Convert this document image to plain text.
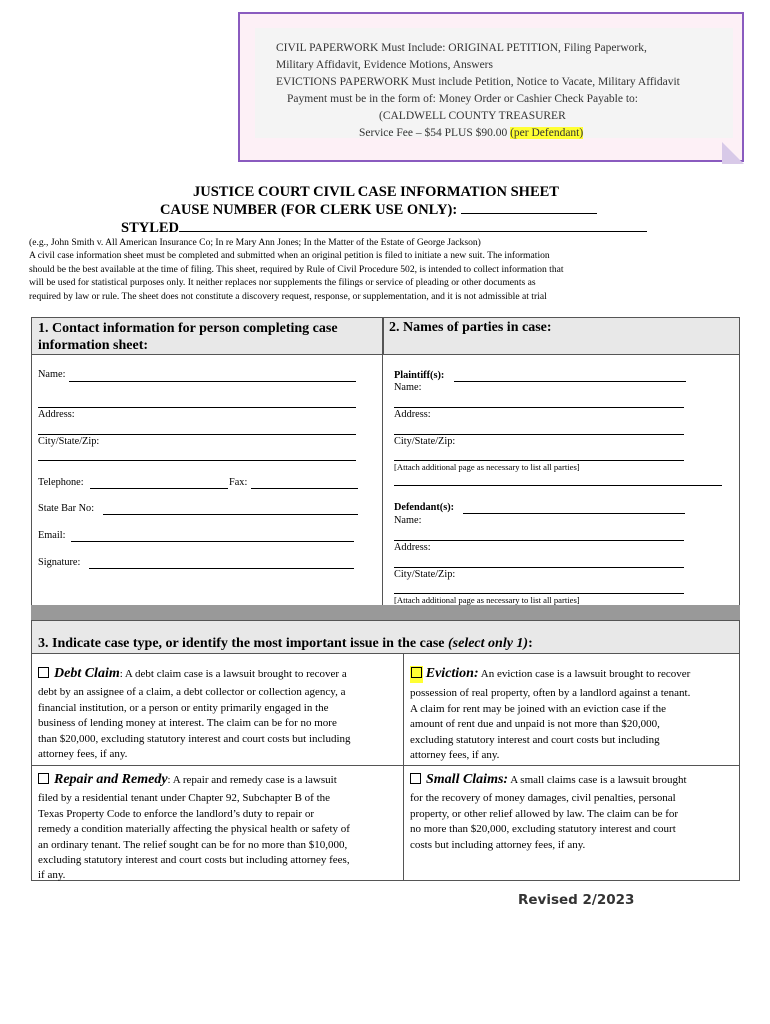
CIVIL PAPERWORK Must Include: ORIGINAL PETITION, Filing Paperwork,
Military Affidavit, Evidence Motions, Answers
EVICTIONS PAPERWORK Must include Petition, Notice to Vacate, Military Affidavit
Payment must be in the form of: Money Order or Cashier Check Payable to:
(CALDWELL COUNTY TREASURER
Service Fee – $54 PLUS $90.00 (per Defendant)
JUSTICE COURT CIVIL CASE INFORMATION SHEET
CAUSE NUMBER (FOR CLERK USE ONLY):
STYLED
(e.g., John Smith v. All American Insurance Co; In re Mary Ann Jones; In the Matter of the Estate of George Jackson)
A civil case information sheet must be completed and submitted when an original petition is filed to initiate a new suit. The information
should be the best available at the time of filing. This sheet, required by Rule of Civil Procedure 502, is intended to collect information that
will be used for statistical purposes only. It neither replaces nor supplements the filings or service of pleading or other documents as
required by law or rule. The sheet does not constitute a discovery request, response, or supplementation, and it is not admissible at trial
1. Contact information for person completing case
information sheet:
2. Names of parties in case:
Name:
Address:
City/State/Zip:
Telephone:	Fax:
State Bar No:
Email:
Signature:
Plaintiff(s):
Name:
Address:
City/State/Zip:
[Attach additional page as necessary to list all parties]
Defendant(s):
Name:
Address:
City/State/Zip:
[Attach additional page as necessary to list all parties]
3. Indicate case type, or identify the most important issue in the case (select only 1):
Debt Claim: A debt claim case is a lawsuit brought to recover a
debt by an assignee of a claim, a debt collector or collection agency, a
financial institution, or a person or entity primarily engaged in the
business of lending money at interest. The claim can be for no more
than $20,000, excluding statutory interest and court costs but including
attorney fees, if any.
Eviction: An eviction case is a lawsuit brought to recover
possession of real property, often by a landlord against a tenant.
A claim for rent may be joined with an eviction case if the
amount of rent due and unpaid is not more than $20,000,
excluding statutory interest and court costs but including
attorney fees, if any.
Repair and Remedy: A repair and remedy case is a lawsuit
filed by a residential tenant under Chapter 92, Subchapter B of the
Texas Property Code to enforce the landlord’s duty to repair or
remedy a condition materially affecting the physical health or safety of
an ordinary tenant. The relief sought can be for no more than $10,000,
excluding statutory interest and court costs but including attorney fees,
if any.
Small Claims: A small claims case is a lawsuit brought
for the recovery of money damages, civil penalties, personal
property, or other relief allowed by law. The claim can be for
no more than $20,000, excluding statutory interest and court
costs but including attorney fees, if any.
Revised 2/2023
